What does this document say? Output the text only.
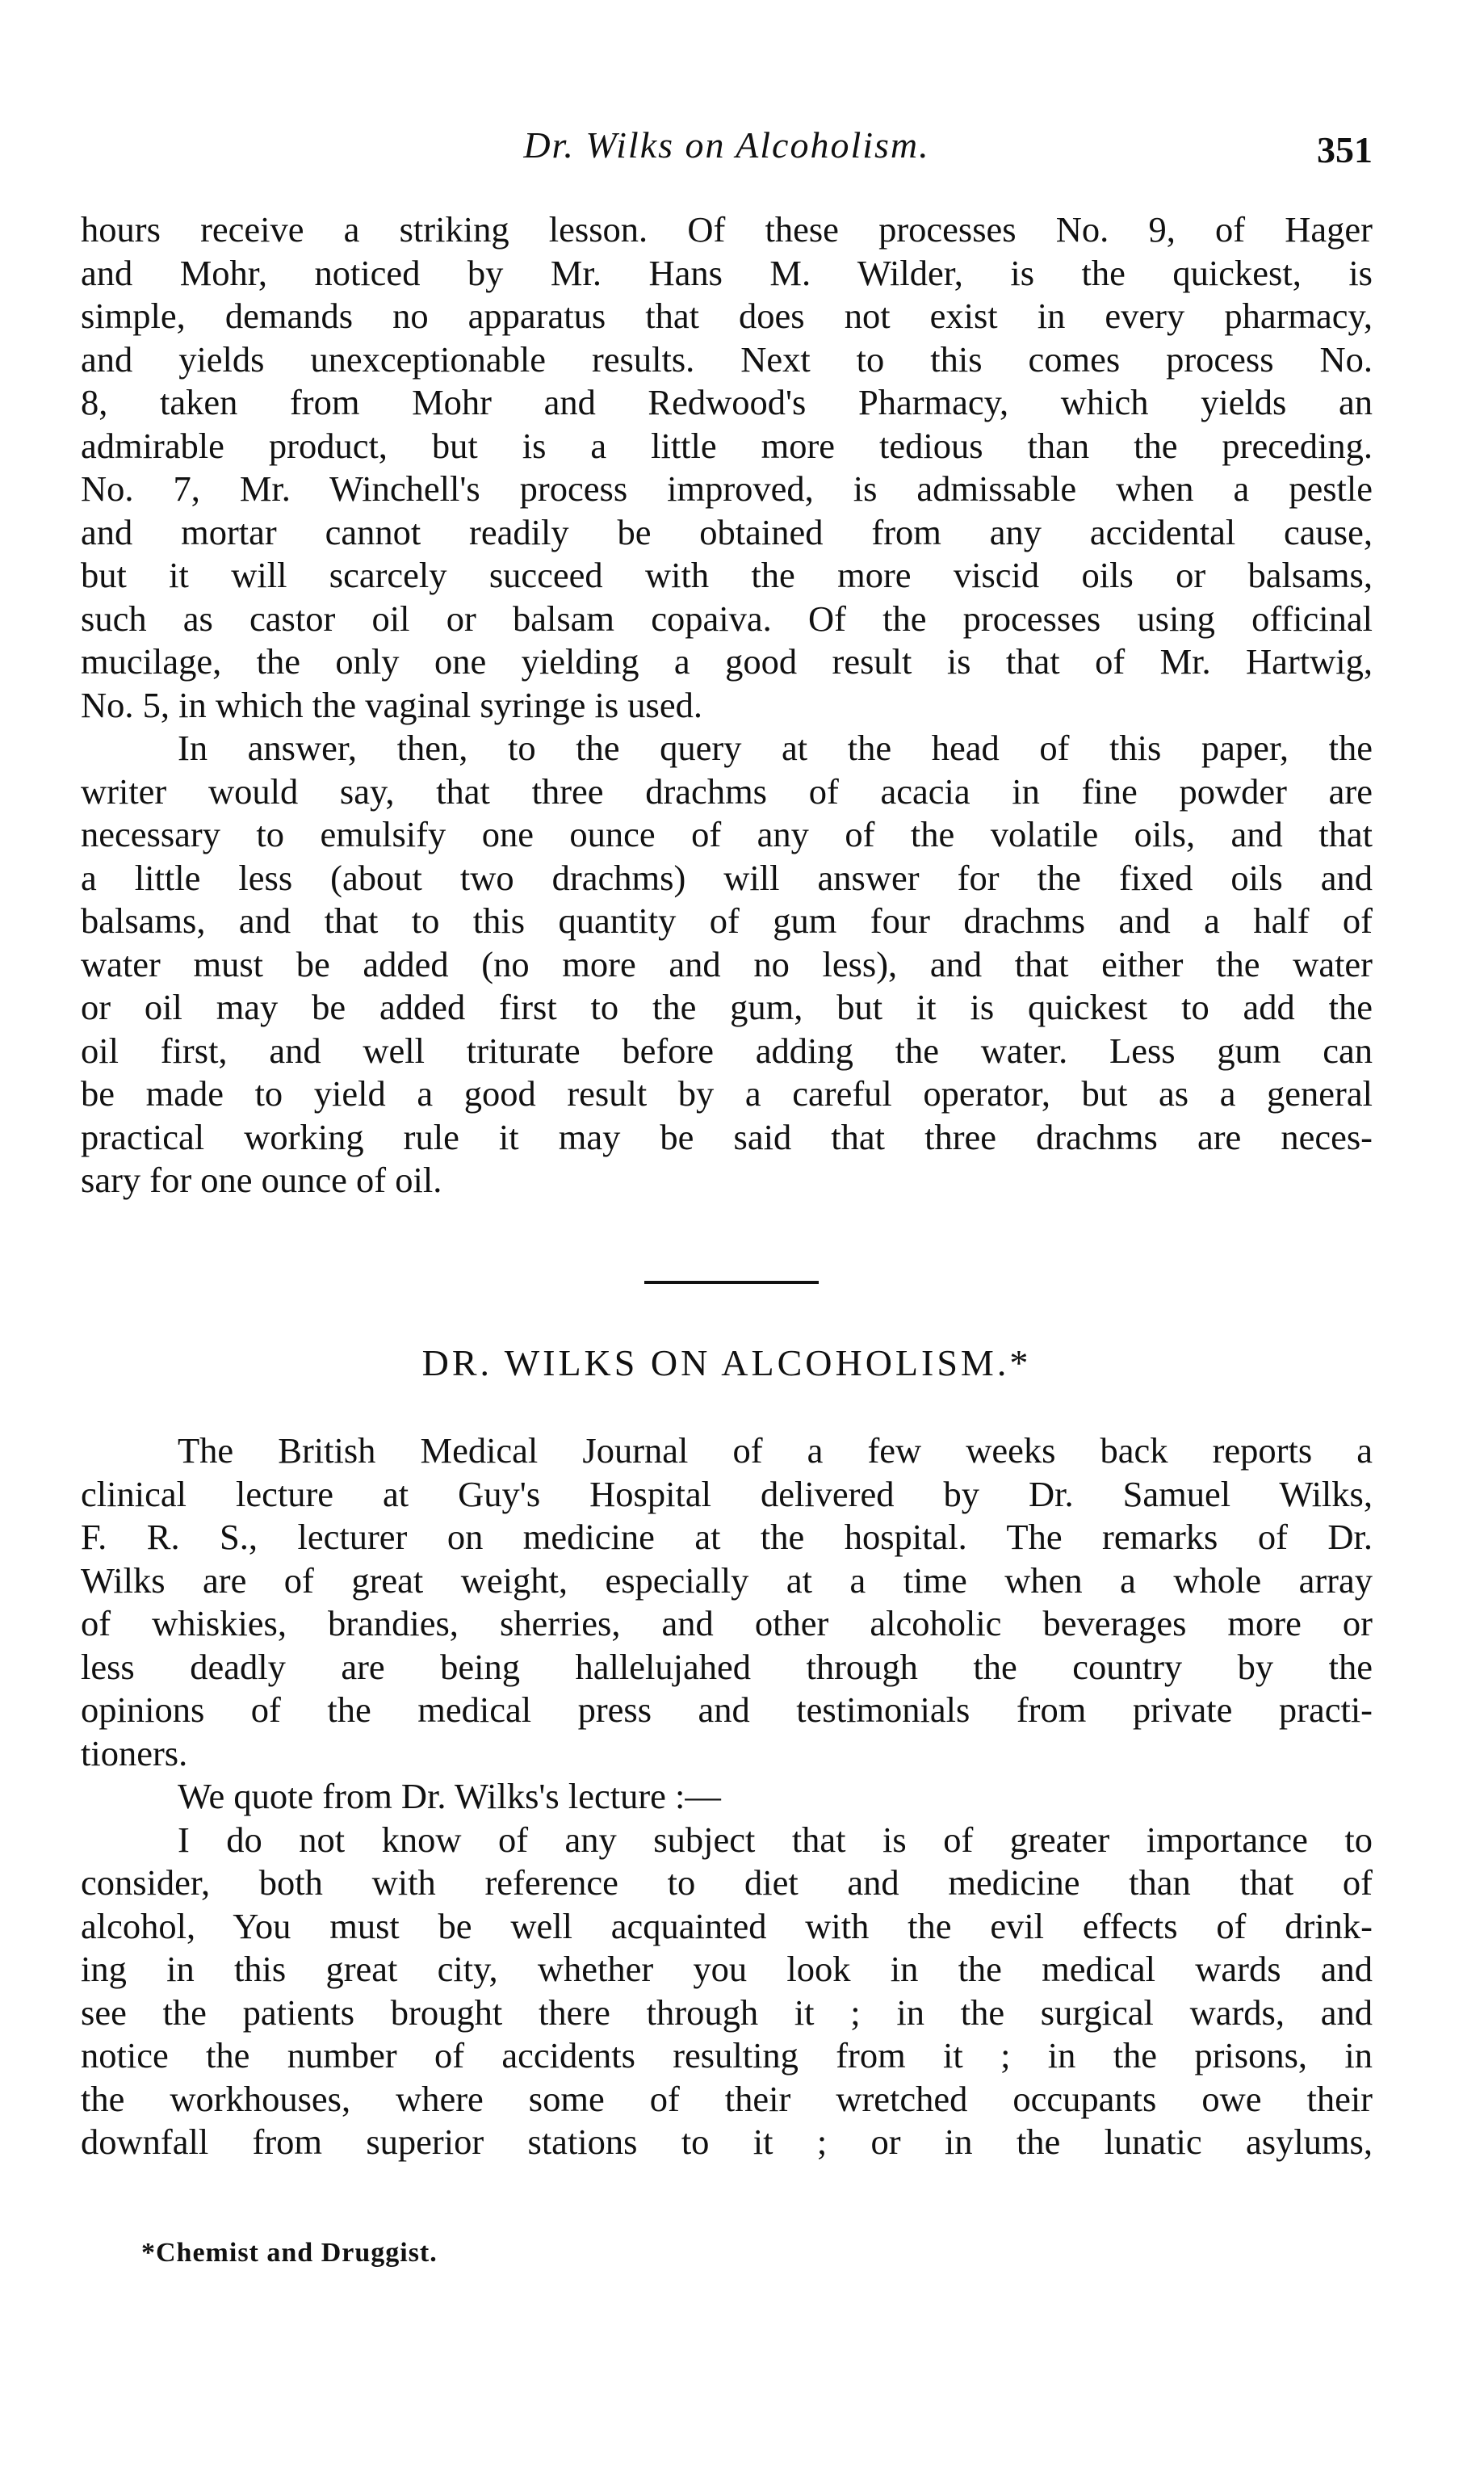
Dr. Wilks on Alcoholism.	351
hours receive a striking lesson. Of these processes No. 9, of Hager
and Mohr, noticed by Mr. Hans M. Wilder, is the quickest, is
simple, demands no apparatus that does not exist in every pharmacy,
and yields unexceptionable results. Next to this comes process No.
8, taken from Mohr and Redwood's Pharmacy, which yields an
admirable product, but is a little more tedious than the preceding.
No. 7, Mr. Winchell's process improved, is admissable when a pestle
and mortar cannot readily be obtained from any accidental cause,
but it will scarcely succeed with the more viscid oils or balsams,
such as castor oil or balsam copaiva. Of the processes using officinal
mucilage, the only one yielding a good result is that of Mr. Hartwig,
No. 5, in which the vaginal syringe is used.
In answer, then, to the query at the head of this paper, the
writer would say, that three drachms of acacia in fine powder are
necessary to emulsify one ounce of any of the volatile oils, and that
a little less (about two drachms) will answer for the fixed oils and
balsams, and that to this quantity of gum four drachms and a half of
water must be added (no more and no less), and that either the water
or oil may be added first to the gum, but it is quickest to add the
oil first, and well triturate before adding the water. Less gum can
be made to yield a good result by a careful operator, but as a general
practical working rule it may be said that three drachms are neces-
sary for one ounce of oil.
DR. WILKS ON ALCOHOLISM.*
The British Medical Journal of a few weeks back reports a
clinical lecture at Guy's Hospital delivered by Dr. Samuel Wilks,
F. R. S., lecturer on medicine at the hospital. The remarks of Dr.
Wilks are of great weight, especially at a time when a whole array
of whiskies, brandies, sherries, and other alcoholic beverages more or
less deadly are being hallelujahed through the country by the
opinions of the medical press and testimonials from private practi-
tioners.
We quote from Dr. Wilks's lecture :—
I do not know of any subject that is of greater importance to
consider, both with reference to diet and medicine than that of
alcohol, You must be well acquainted with the evil effects of drink-
ing in this great city, whether you look in the medical wards and
see the patients brought there through it ; in the surgical wards, and
notice the number of accidents resulting from it ; in the prisons, in
the workhouses, where some of their wretched occupants owe their
downfall from superior stations to it ; or in the lunatic asylums,
*Chemist and Druggist.
